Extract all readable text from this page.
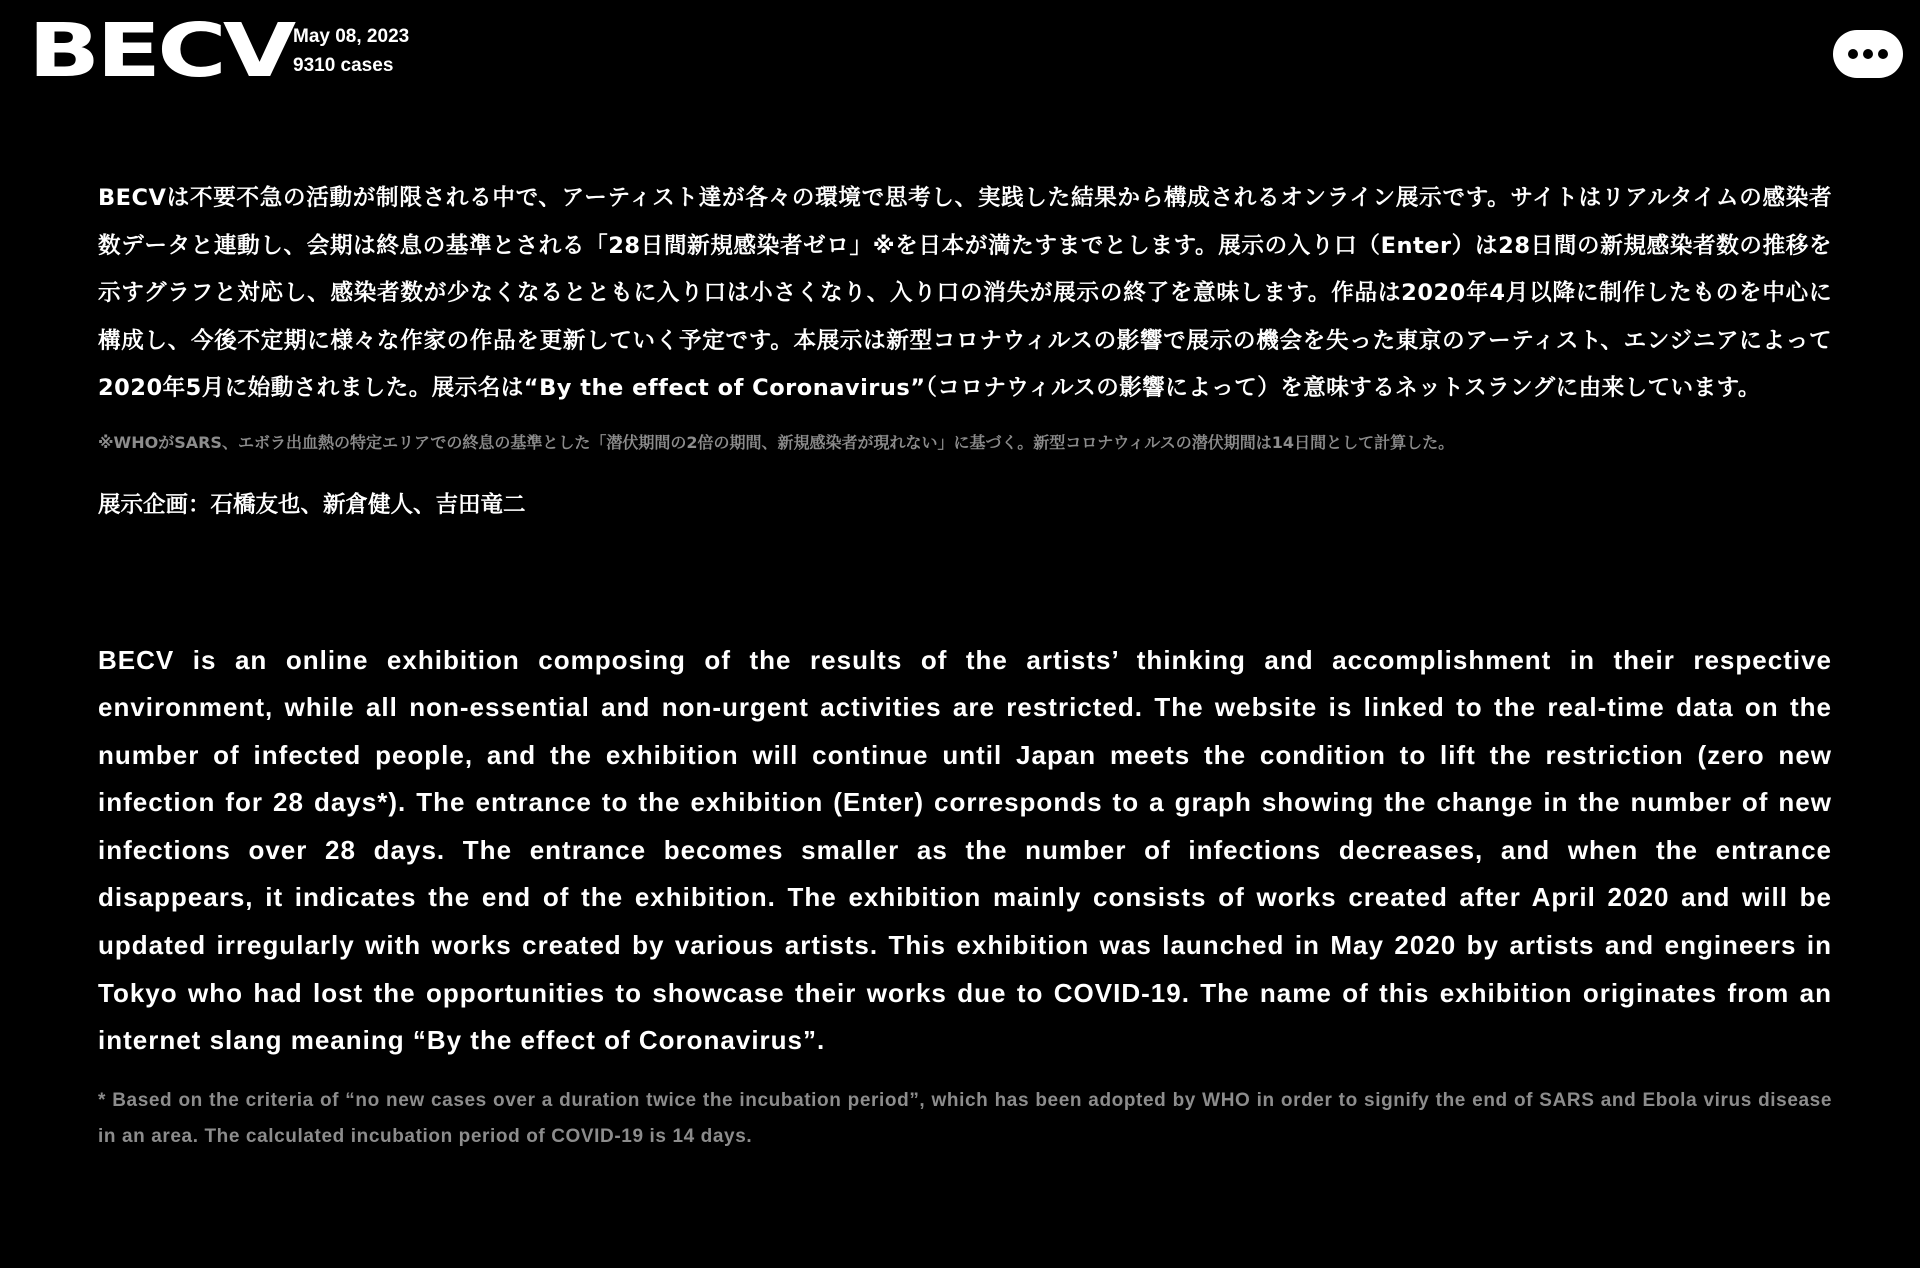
BECV May 08, 2023
9310 cases

BECVは不要不急の活動が制限される中で、アーティスト達が各々の環境で思考し、実践した結果から構成されるオンライン展示です。サイトはリアルタイムの感染者数データと連動し、会期は終息の基準とされる「28日間新規感染者ゼロ」※を日本が満たすまでとします。展示の入り口（Enter）は28日間の新規感染者数の推移を示すグラフと対応し、感染者数が少なくなるとともに入り口は小さくなり、入り口の消失が展示の終了を意味します。作品は2020年4月以降に制作したものを中心に構成し、今後不定期に様々な作家の作品を更新していく予定です。本展示は新型コロナウィルスの影響で展示の機会を失った東京のアーティスト、エンジニアによって2020年5月に始動されました。展示名は“By the effect of Coronavirus”（コロナウィルスの影響によって）を意味するネットスラングに由来しています。

※WHOがSARS、エボラ出血熱の特定エリアでの終息の基準とした「潜伏期間の2倍の期間、新規感染者が現れない」に基づく。新型コロナウィルスの潜伏期間は14日間として計算した。

展示企画：石橋友也、新倉健人、吉田竜二

BECV is an online exhibition composing of the results of the artists’ thinking and accomplishment in their respective environment, while all non-essential and non-urgent activities are restricted. The website is linked to the real-time data on the number of infected people, and the exhibition will continue until Japan meets the condition to lift the restriction (zero new infection for 28 days*). The entrance to the exhibition (Enter) corresponds to a graph showing the change in the number of new infections over 28 days. The entrance becomes smaller as the number of infections decreases, and when the entrance disappears, it indicates the end of the exhibition. The exhibition mainly consists of works created after April 2020 and will be updated irregularly with works created by various artists. This exhibition was launched in May 2020 by artists and engineers in Tokyo who had lost the opportunities to showcase their works due to COVID-19. The name of this exhibition originates from an internet slang meaning “By the effect of Coronavirus”.

* Based on the criteria of “no new cases over a duration twice the incubation period”, which has been adopted by WHO in order to signify the end of SARS and Ebola virus disease in an area. The calculated incubation period of COVID-19 is 14 days.
